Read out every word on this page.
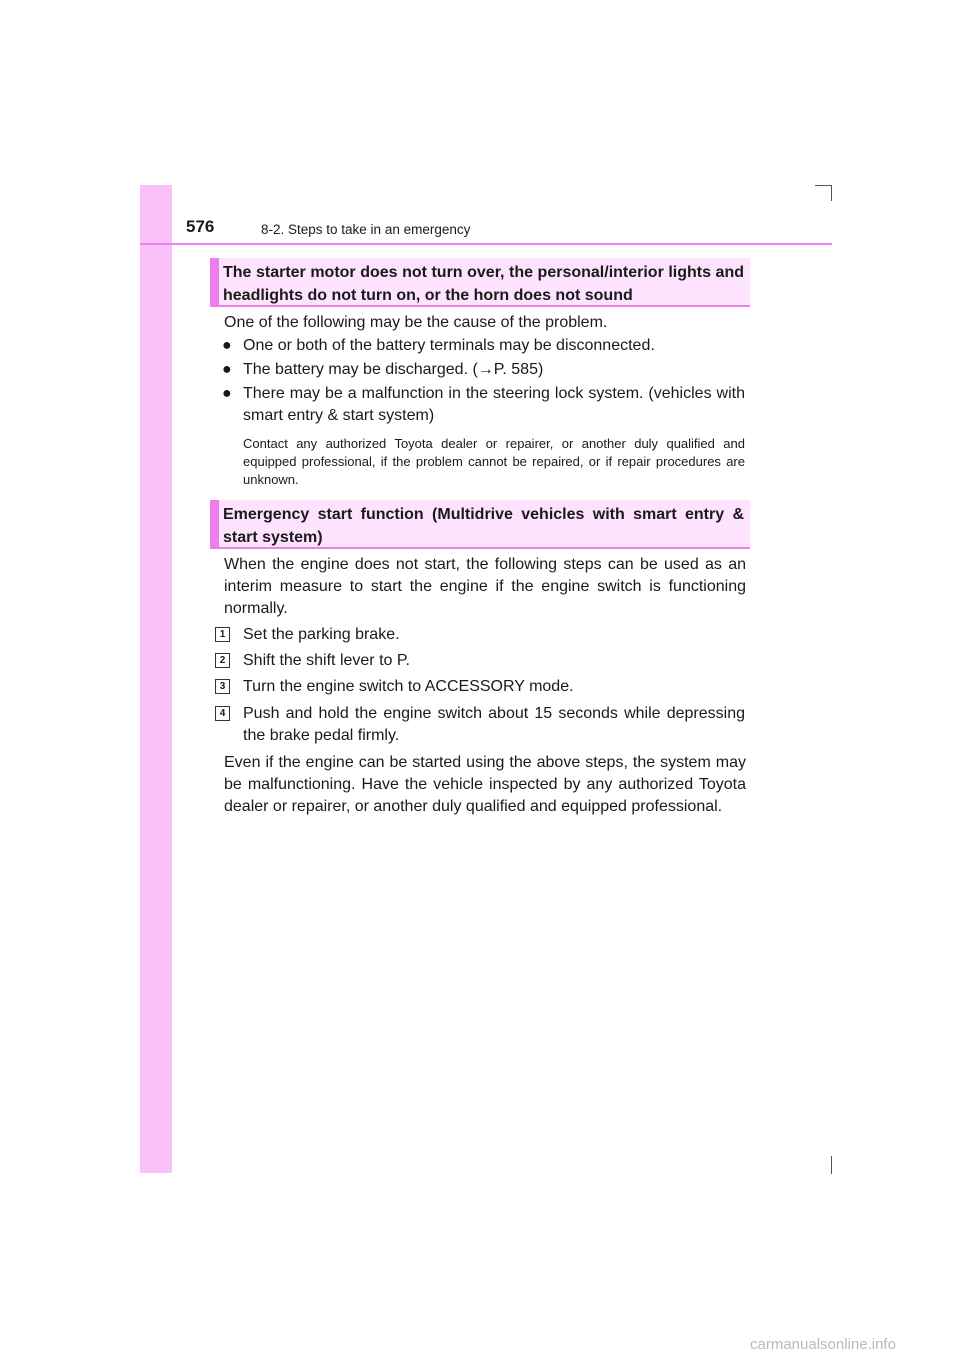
576	8-2. Steps to take in an emergency
The starter motor does not turn over, the personal/interior lights and headlights do not turn on, or the horn does not sound
One of the following may be the cause of the problem.
● One or both of the battery terminals may be disconnected.
● The battery may be discharged. (→P. 585)
● There may be a malfunction in the steering lock system. (vehicles with smart entry & start system)
Contact any authorized Toyota dealer or repairer, or another duly qualified and equipped professional, if the problem cannot be repaired, or if repair procedures are unknown.
Emergency start function (Multidrive vehicles with smart entry & start system)
When the engine does not start, the following steps can be used as an interim measure to start the engine if the engine switch is functioning normally.
1 Set the parking brake.
2 Shift the shift lever to P.
3 Turn the engine switch to ACCESSORY mode.
4 Push and hold the engine switch about 15 seconds while depressing the brake pedal firmly.
Even if the engine can be started using the above steps, the system may be malfunctioning. Have the vehicle inspected by any authorized Toyota dealer or repairer, or another duly qualified and equipped professional.
carmanualsonline.info
